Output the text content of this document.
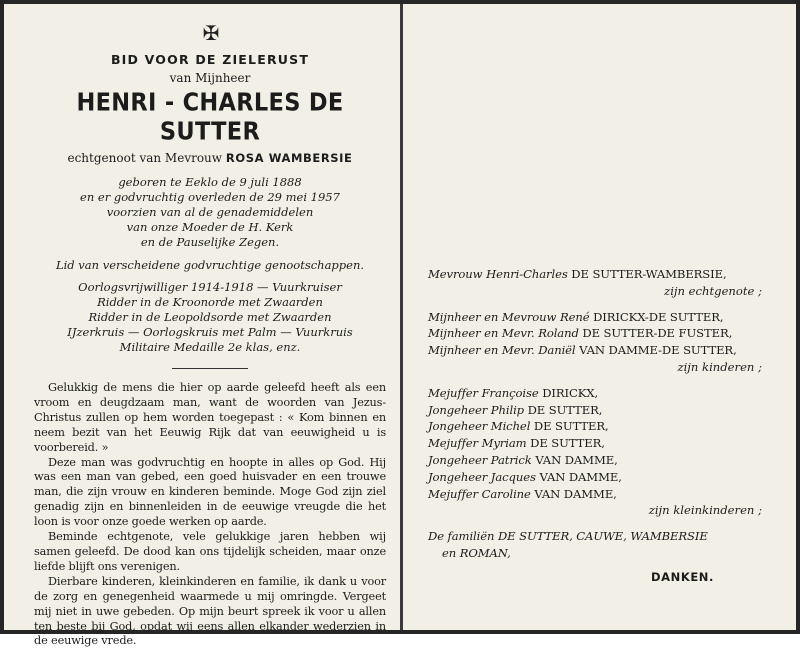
✠
BID VOOR DE ZIELERUST
van Mijnheer
HENRI - CHARLES DE SUTTER
echtgenoot van Mevrouw ROSA WAMBERSIE
geboren te Eeklo de 9 juli 1888
en er godvruchtig overleden de 29 mei 1957
voorzien van al de genademiddelen
van onze Moeder de H. Kerk
en de Pauselijke Zegen.
Lid van verscheidene godvruchtige genootschappen.
Oorlogsvrijwilliger 1914-1918 — Vuurkruiser
Ridder in de Kroonorde met Zwaarden
Ridder in de Leopoldsorde met Zwaarden
IJzerkruis — Oorlogskruis met Palm — Vuurkruis
Militaire Medaille 2e klas, enz.

Gelukkig de mens die hier op aarde geleefd heeft als een vroom en deugdzaam man, want de woorden van Jezus-Christus zullen op hem worden toegepast : « Kom binnen en neem bezit van het Eeuwig Rijk dat van eeuwigheid u is voorbereid. »

Deze man was godvruchtig en hoopte in alles op God. Hij was een man van gebed, een goed huisvader en een trouwe man, die zijn vrouw en kinderen beminde. Moge God zijn ziel genadig zijn en binnenleiden in de eeuwige vreugde die het loon is voor onze goede werken op aarde.

Beminde echtgenote, vele gelukkige jaren hebben wij samen geleefd. De dood kan ons tijdelijk scheiden, maar onze liefde blijft ons verenigen.

Dierbare kinderen, kleinkinderen en familie, ik dank u voor de zorg en genegenheid waarmede u mij omringde. Vergeet mij niet in uwe gebeden. Op mijn beurt spreek ik voor u allen ten beste bij God, opdat wij eens allen elkander wederzien in de eeuwige vrede.

Mevrouw Henri-Charles DE SUTTER-WAMBERSIE,
zijn echtgenote ;
Mijnheer en Mevrouw René DIRICKX-DE SUTTER,
Mijnheer en Mevr. Roland DE SUTTER-DE FUSTER,
Mijnheer en Mevr. Daniël VAN DAMME-DE SUTTER,
zijn kinderen ;
Mejuffer Françoise DIRICKX,
Jongeheer Philip DE SUTTER,
Jongeheer Michel DE SUTTER,
Mejuffer Myriam DE SUTTER,
Jongeheer Patrick VAN DAMME,
Jongeheer Jacques VAN DAMME,
Mejuffer Caroline VAN DAMME,
zijn kleinkinderen ;
De familiën DE SUTTER, CAUWE, WAMBERSIE
en ROMAN,
DANKEN.
